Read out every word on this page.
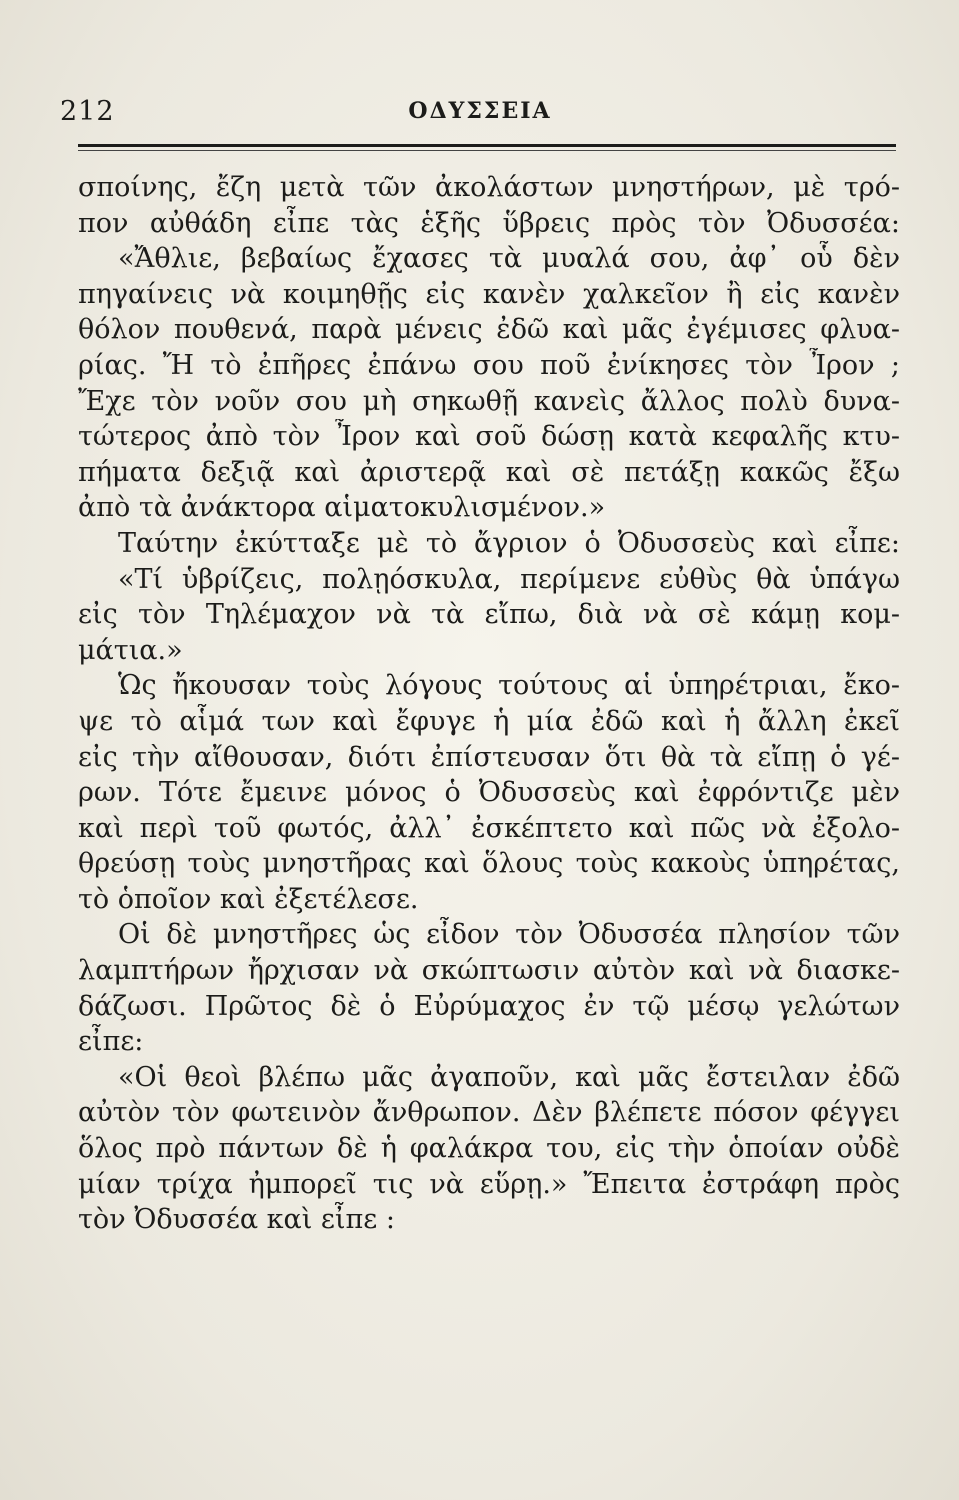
212	ΟΔΥΣΣΕΙΑ
σποίνης, ἔζη μετὰ τῶν ἀκολάστων μνηστήρων, μὲ τρό-
πον αὐθάδη εἶπε τὰς ἑξῆς ὕβρεις πρὸς τὸν Ὀδυσσέα:
«Ἄθλιε, βεβαίως ἔχασες τὰ μυαλά σου, ἀφ᾽ οὗ δὲν
πηγαίνεις νὰ κοιμηθῇς εἰς κανὲν χαλκεῖον ἢ εἰς κανὲν
θόλον πουθενά, παρὰ μένεις ἐδῶ καὶ μᾶς ἐγέμισες φλυα-
ρίας. Ἤ τὸ ἐπῆρες ἐπάνω σου ποῦ ἐνίκησες τὸν Ἶρον ;
Ἔχε τὸν νοῦν σου μὴ σηκωθῇ κανεὶς ἄλλος πολὺ δυνα-
τώτερος ἀπὸ τὸν Ἶρον καὶ σοῦ δώσῃ κατὰ κεφαλῆς κτυ-
πήματα δεξιᾷ καὶ ἀριστερᾷ καὶ σὲ πετάξῃ κακῶς ἔξω
ἀπὸ τὰ ἀνάκτορα αἱματοκυλισμένον.»
Ταύτην ἐκύτταξε μὲ τὸ ἄγριον ὁ Ὀδυσσεὺς καὶ εἶπε:
«Τί ὑβρίζεις, πολῃόσκυλα, περίμενε εὐθὺς θὰ ὑπάγω
εἰς τὸν Τηλέμαχον νὰ τὰ εἴπω, διὰ νὰ σὲ κάμῃ κομ-
μάτια.»
Ὡς ἤκουσαν τοὺς λόγους τούτους αἱ ὑπηρέτριαι, ἔκο-
ψε τὸ αἷμά των καὶ ἔφυγε ἡ μία ἐδῶ καὶ ἡ ἄλλη ἐκεῖ
εἰς τὴν αἴθουσαν, διότι ἐπίστευσαν ὅτι θὰ τὰ εἴπῃ ὁ γέ-
ρων. Τότε ἔμεινε μόνος ὁ Ὀδυσσεὺς καὶ ἐφρόντιζε μὲν
καὶ περὶ τοῦ φωτός, ἀλλ᾽ ἐσκέπτετο καὶ πῶς νὰ ἐξολο-
θρεύσῃ τοὺς μνηστῆρας καὶ ὅλους τοὺς κακοὺς ὑπηρέτας,
τὸ ὁποῖον καὶ ἐξετέλεσε.
Οἱ δὲ μνηστῆρες ὡς εἶδον τὸν Ὀδυσσέα πλησίον τῶν
λαμπτήρων ἤρχισαν νὰ σκώπτωσιν αὐτὸν καὶ νὰ διασκε-
δάζωσι. Πρῶτος δὲ ὁ Εὐρύμαχος ἐν τῷ μέσῳ γελώτων
εἶπε:
«Οἱ θεοὶ βλέπω μᾶς ἀγαποῦν, καὶ μᾶς ἔστειλαν ἐδῶ
αὐτὸν τὸν φωτεινὸν ἄνθρωπον. Δὲν βλέπετε πόσον φέγγει
ὅλος πρὸ πάντων δὲ ἡ φαλάκρα του, εἰς τὴν ὁποίαν οὐδὲ
μίαν τρίχα ἠμπορεῖ τις νὰ εὕρῃ.» Ἔπειτα ἐστράφη πρὸς
τὸν Ὀδυσσέα καὶ εἶπε :
